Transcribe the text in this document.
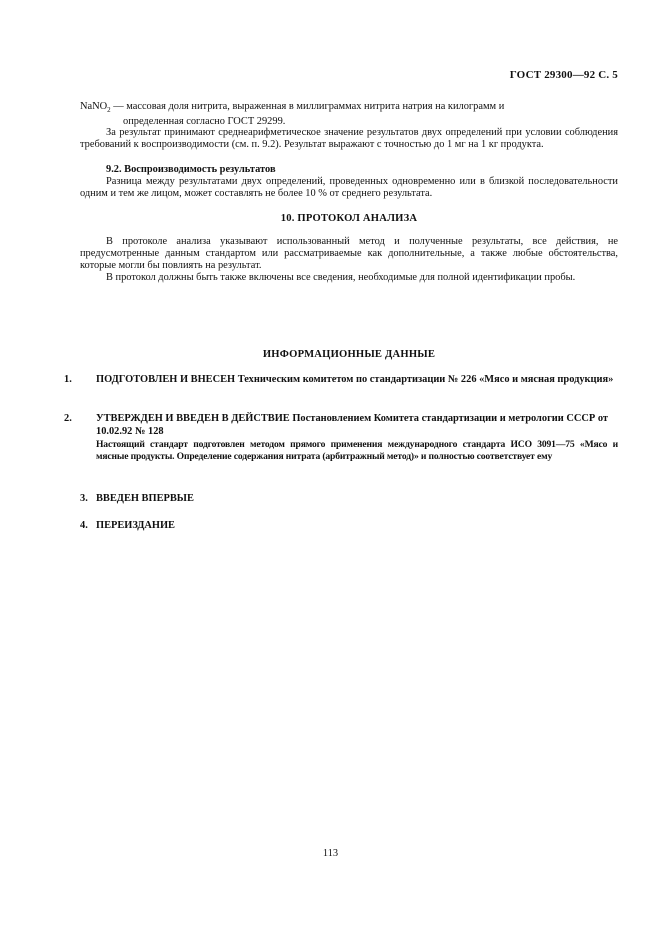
ГОСТ 29300—92 С. 5
NaNO$_2$ — массовая доля нитрита, выраженная в миллиграммах нитрита натрия на килограмм и
определенная согласно ГОСТ 29299.
За результат принимают среднеарифметическое значение результатов двух определений при условии соблюдения требований к воспроизводимости (см. п. 9.2). Результат выражают с точностью до 1 мг на 1 кг продукта.
9.2. Воспроизводимость результатов
Разница между результатами двух определений, проведенных одновременно или в близкой последовательности одним и тем же лицом, может составлять не более 10 % от среднего результата.
10. ПРОТОКОЛ АНАЛИЗА
В протоколе анализа указывают использованный метод и полученные результаты, все действия, не предусмотренные данным стандартом или рассматриваемые как дополнительные, а также любые обстоятельства, которые могли бы повлиять на результат.
В протокол должны быть также включены все сведения, необходимые для полной идентификации пробы.
ИНФОРМАЦИОННЫЕ ДАННЫЕ
1. ПОДГОТОВЛЕН И ВНЕСЕН Техническим комитетом по стандартизации № 226 «Мясо и мясная продукция»
2. УТВЕРЖДЕН И ВВЕДЕН В ДЕЙСТВИЕ Постановлением Комитета стандартизации и метрологии СССР от 10.02.92 № 128
Настоящий стандарт подготовлен методом прямого применения международного стандарта ИСО 3091—75 «Мясо и мясные продукты. Определение содержания нитрата (арбитражный метод)» и полностью соответствует ему
3. ВВЕДЕН ВПЕРВЫЕ
4. ПЕРЕИЗДАНИЕ
113
